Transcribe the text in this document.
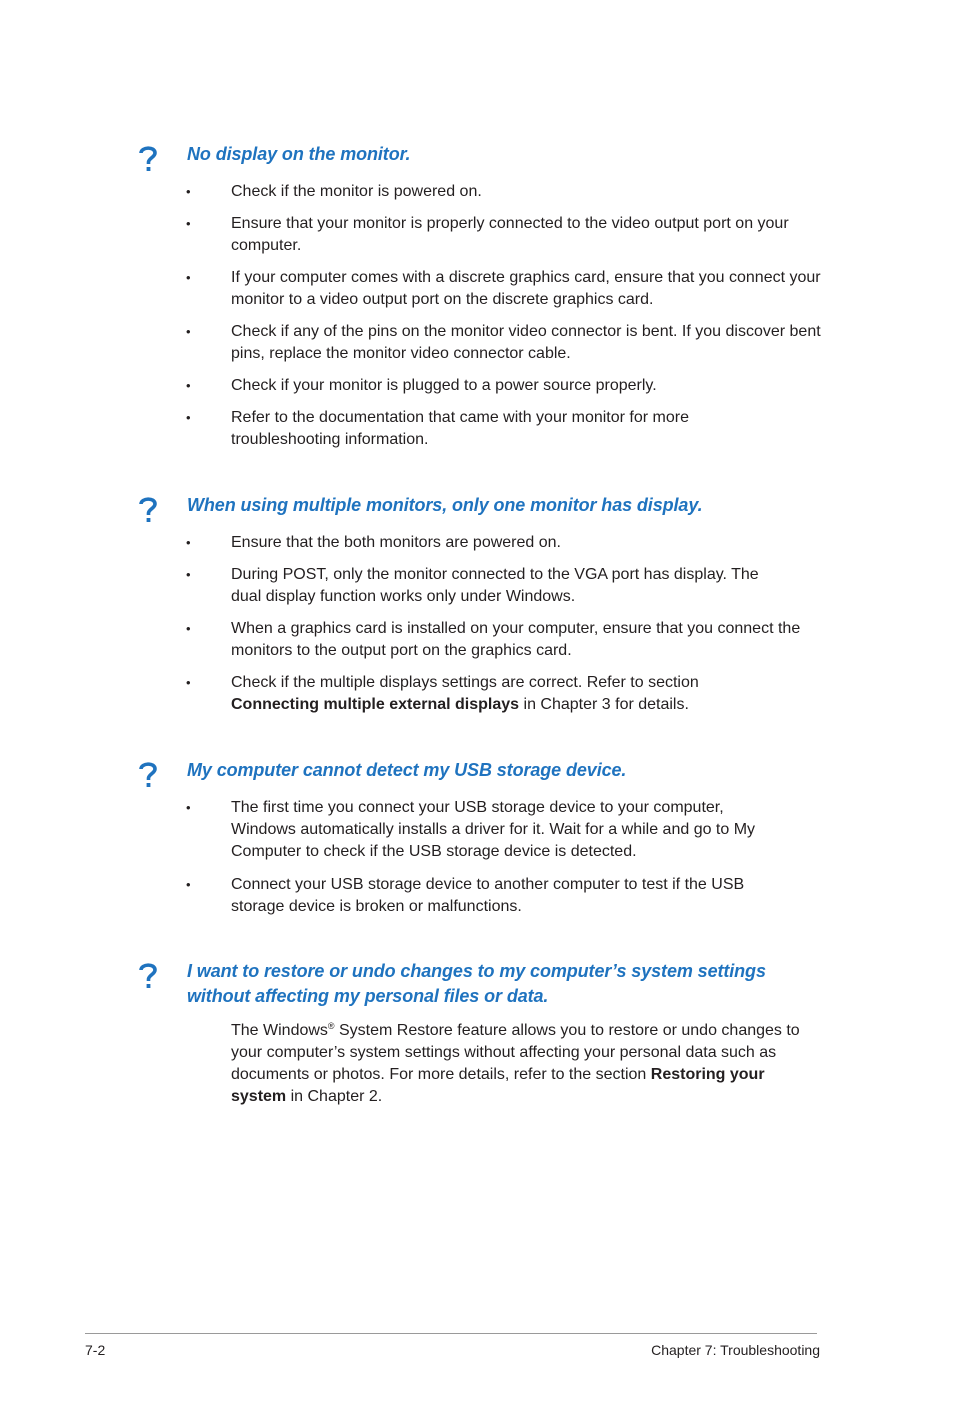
No display on the monitor.
•	Check if the monitor is powered on.
•	Ensure that your monitor is properly connected to the video output port on your computer.
•	If your computer comes with a discrete graphics card, ensure that you connect your monitor to a video output port on the discrete graphics card.
•	Check if any of the pins on the monitor video connector is bent. If you discover bent pins, replace the monitor video connector cable.
•	Check if your monitor is plugged to a power source properly.
•	Refer to the documentation that came with your monitor for more troubleshooting information.
When using multiple monitors, only one monitor has display.
•	Ensure that the both monitors are powered on.
•	During POST, only the monitor connected to the VGA port has display. The dual display function works only under Windows.
•	When a graphics card is installed on your computer, ensure that you connect the monitors to the output port on the graphics card.
•	Check if the multiple displays settings are correct. Refer to section Connecting multiple external displays in Chapter 3 for details.
My computer cannot detect my USB storage device.
•	The first time you connect your USB storage device to your computer, Windows automatically installs a driver for it. Wait for a while and go to My Computer to check if the USB storage device is detected.
•	Connect your USB storage device to another computer to test if the USB storage device is broken or malfunctions.
I want to restore or undo changes to my computer’s system settings
without affecting my personal files or data.
The Windows® System Restore feature allows you to restore or undo changes to your computer’s system settings without affecting your personal data such as documents or photos. For more details, refer to the section Restoring your system in Chapter 2.
7-2	Chapter 7: Troubleshooting
